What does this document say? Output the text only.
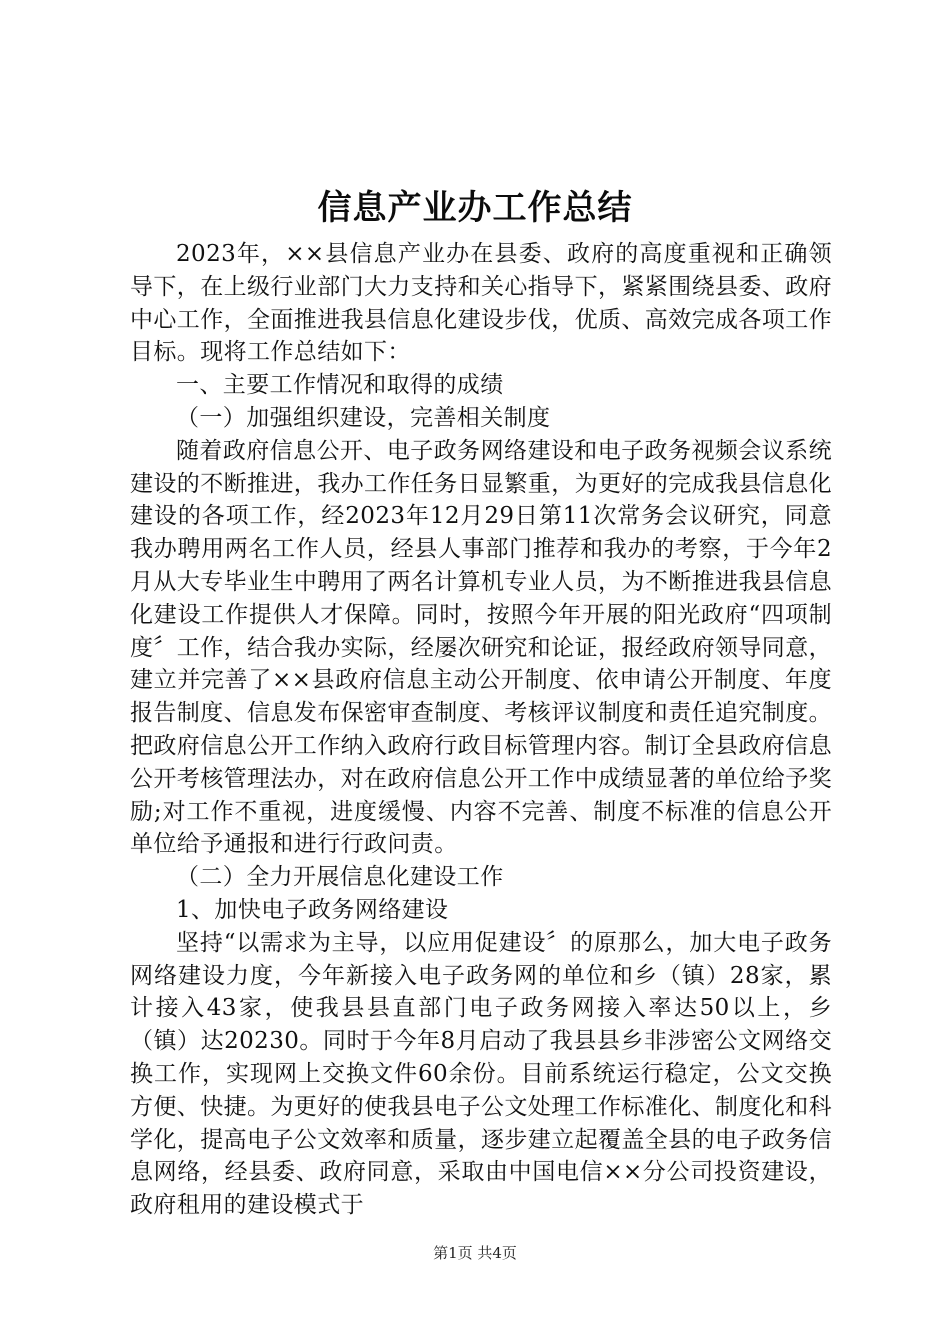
信息产业办工作总结

2023年，××县信息产业办在县委、政府的高度重视和正确领导下，在上级行业部门大力支持和关心指导下，紧紧围绕县委、政府中心工作，全面推进我县信息化建设步伐，优质、高效完成各项工作目标。现将工作总结如下：

一、主要工作情况和取得的成绩

（一）加强组织建设，完善相关制度

随着政府信息公开、电子政务网络建设和电子政务视频会议系统建设的不断推进，我办工作任务日显繁重，为更好的完成我县信息化建设的各项工作，经2023年12月29日第11次常务会议研究，同意我办聘用两名工作人员，经县人事部门推荐和我办的考察，于今年2月从大专毕业生中聘用了两名计算机专业人员，为不断推进我县信息化建设工作提供人才保障。同时，按照今年开展的阳光政府“四项制度〞工作，结合我办实际，经屡次研究和论证，报经政府领导同意，建立并完善了××县政府信息主动公开制度、依申请公开制度、年度报告制度、信息发布保密审查制度、考核评议制度和责任追究制度。把政府信息公开工作纳入政府行政目标管理内容。制订全县政府信息公开考核管理法办，对在政府信息公开工作中成绩显著的单位给予奖励;对工作不重视，进度缓慢、内容不完善、制度不标准的信息公开单位给予通报和进行行政问责。

（二）全力开展信息化建设工作

1、加快电子政务网络建设

坚持“以需求为主导，以应用促建设〞的原那么，加大电子政务网络建设力度，今年新接入电子政务网的单位和乡（镇）28家，累计接入43家，使我县县直部门电子政务网接入率达50以上，乡（镇）达20230。同时于今年8月启动了我县县乡非涉密公文网络交换工作，实现网上交换文件60余份。目前系统运行稳定，公文交换方便、快捷。为更好的使我县电子公文处理工作标准化、制度化和科学化，提高电子公文效率和质量，逐步建立起覆盖全县的电子政务信息网络，经县委、政府同意，采取由中国电信××分公司投资建设，政府租用的建设模式于

第1页 共4页
